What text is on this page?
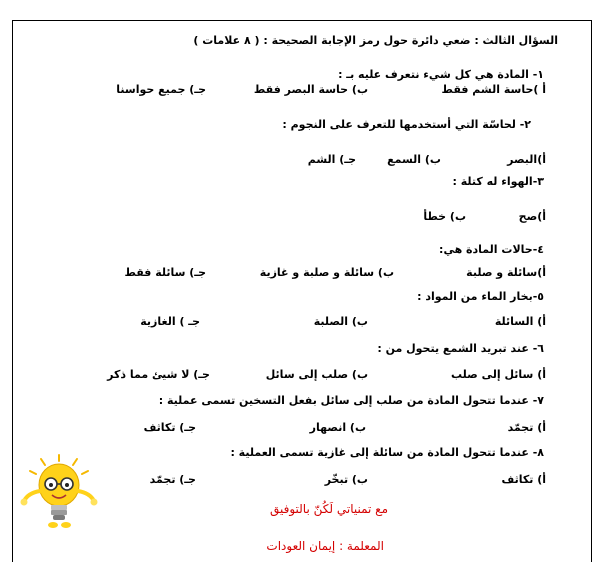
السؤال الثالث : ضعي دائرة حول رمز الإجابة الصحيحة : ( ٨ علامات )
١- المادة هي كل شيء نتعرف عليه بـ :
أ )حاسة الشم فقط
ب) حاسة البصر فقط
جـ) جميع حواسنا
٢- لحاسّة التي أستخدمها للتعرف على النجوم :
أ)البصر
ب) السمع
جـ) الشم
٣-الهواء له كتلة :
أ)صح
ب) خطأ
٤-حالات المادة هي:
أ)سائلة و صلبة
ب) سائلة و صلبة و غازية
جـ) سائلة فقط
٥-بخار الماء من المواد :
أ) السائلة
ب) الصلبة
جـ ) الغازية
٦- عند تبريد الشمع يتحول من :
أ) سائل إلى صلب
ب) صلب إلى سائل
جـ) لا شيئ مما ذكر
٧- عندما تتحول المادة من صلب إلى سائل بفعل التسخين تسمى عملية :
أ) تجمّد
ب) انصهار
جـ) تكاثف
٨- عندما تتحول المادة من سائلة إلى غازية تسمى العملية :
أ) تكاثف
ب) تبخّر
جـ) تجمّد
مع تمنياتي لَكُنّ بالتوفيق
المعلمة : إيمان العودات
